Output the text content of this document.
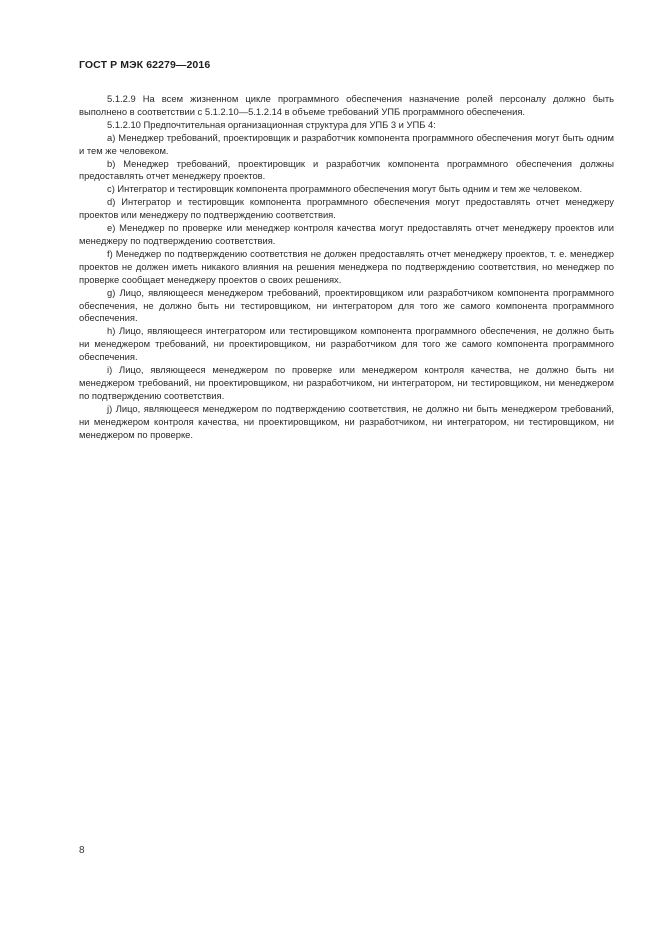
ГОСТ Р МЭК 62279—2016

5.1.2.9 На всем жизненном цикле программного обеспечения назначение ролей персоналу должно быть выполнено в соответствии с 5.1.2.10—5.1.2.14 в объеме требований УПБ программного обеспечения.

5.1.2.10 Предпочтительная организационная структура для УПБ 3 и УПБ 4:

a) Менеджер требований, проектировщик и разработчик компонента программного обеспечения могут быть одним и тем же человеком.

b) Менеджер требований, проектировщик и разработчик компонента программного обеспечения должны предоставлять отчет менеджеру проектов.

c) Интегратор и тестировщик компонента программного обеспечения могут быть одним и тем же человеком.

d) Интегратор и тестировщик компонента программного обеспечения могут предоставлять отчет менеджеру проектов или менеджеру по подтверждению соответствия.

e) Менеджер по проверке или менеджер контроля качества могут предоставлять отчет менеджеру проектов или менеджеру по подтверждению соответствия.

f) Менеджер по подтверждению соответствия не должен предоставлять отчет менеджеру проектов, т. е. менеджер проектов не должен иметь никакого влияния на решения менеджера по подтверждению соответствия, но менеджер по проверке сообщает менеджеру проектов о своих решениях.

g) Лицо, являющееся менеджером требований, проектировщиком или разработчиком компонента программного обеспечения, не должно быть ни тестировщиком, ни интегратором для того же самого компонента программного обеспечения.

h) Лицо, являющееся интегратором или тестировщиком компонента программного обеспечения, не должно быть ни менеджером требований, ни проектировщиком, ни разработчиком для того же самого компонента программного обеспечения.

i) Лицо, являющееся менеджером по проверке или менеджером контроля качества, не должно быть ни менеджером требований, ни проектировщиком, ни разработчиком, ни интегратором, ни тестировщиком, ни менеджером по подтверждению соответствия.

j) Лицо, являющееся менеджером по подтверждению соответствия, не должно ни быть менеджером требований, ни менеджером контроля качества, ни проектировщиком, ни разработчиком, ни интегратором, ни тестировщиком, ни менеджером по проверке.

8
